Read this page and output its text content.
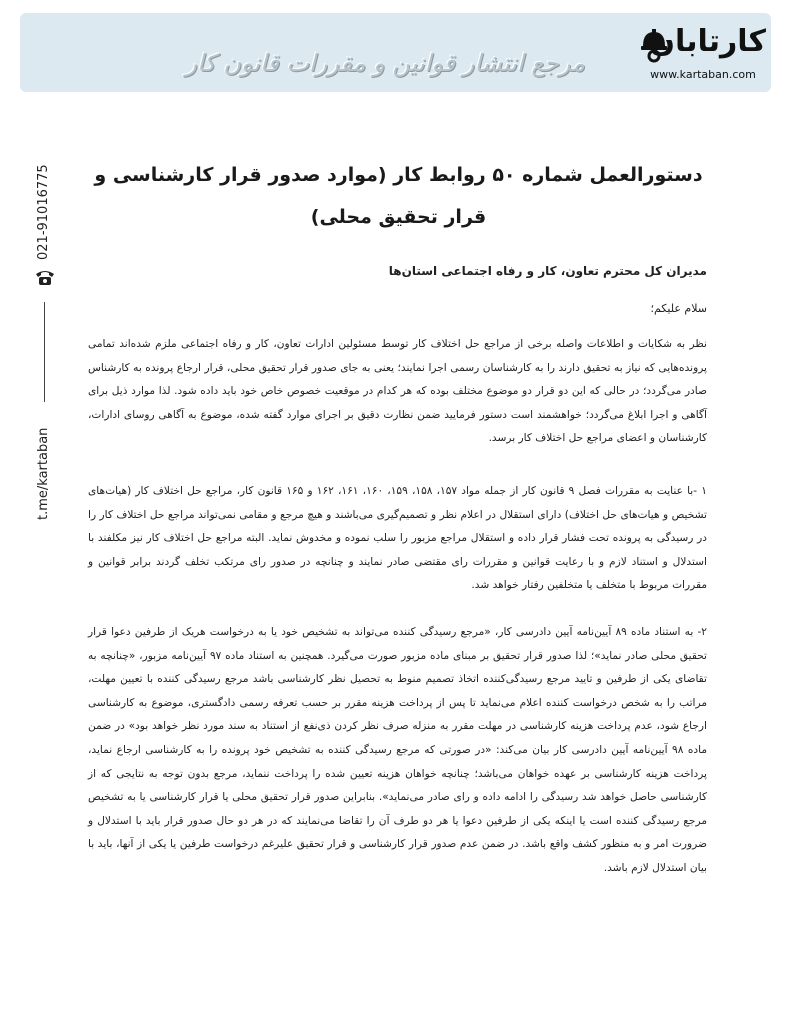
مرجع انتشار قوانین و مقررات قانون کار
کارتابان
www.kartaban.com
021-91016775
t.me/kartaban
دستورالعمل شماره ۵۰ روابط کار (موارد صدور قرار کارشناسی و قرار تحقیق محلی)
مدیران کل محترم تعاون، کار و رفاه اجتماعی استان‌ها
سلام علیکم؛
نظر به شکایات و اطلاعات واصله برخی از مراجع حل اختلاف کار توسط مسئولین ادارات تعاون، کار و رفاه اجتماعی ملزم شده‌اند تمامی پرونده‌هایی که نیاز به تحقیق دارند را به کارشناسان رسمی اجرا نمایند؛ یعنی به جای صدور قرار تحقیق محلی، قرار ارجاع پرونده به کارشناس صادر می‌گردد؛ در حالی که این دو قرار دو موضوع مختلف بوده که هر کدام در موقعیت خصوص خاص خود باید داده شود. لذا موارد ذیل برای آگاهی و اجرا ابلاغ می‌گردد؛ خواهشمند است دستور فرمایید ضمن نظارت دقیق بر اجرای موارد گفته شده، موضوع به آگاهی روسای ادارات، کارشناسان و اعضای مراجع حل اختلاف کار برسد.
۱ -با عنایت به مقررات فصل ۹ قانون کار از جمله مواد ۱۵۷، ۱۵۸، ۱۵۹، ۱۶۰، ۱۶۱، ۱۶۲ و ۱۶۵ قانون کار، مراجع حل اختلاف کار (هیات‌های تشخیص و هیات‌های حل اختلاف) دارای استقلال در اعلام نظر و تصمیم‌گیری می‌باشند و هیچ مرجع و مقامی نمی‌تواند مراجع حل اختلاف کار را در رسیدگی به پرونده تحت فشار قرار داده و استقلال مراجع مزبور را سلب نموده و مخدوش نماید. البته مراجع حل اختلاف کار نیز مکلفند با استدلال و استناد لازم و با رعایت قوانین و مقررات رای مقتضی صادر نمایند و چنانچه در صدور رای مرتکب تخلف گردند برابر قوانین و مقررات مربوط با متخلف یا متخلفین رفتار خواهد شد.
۲- به استناد ماده ۸۹ آیین‌نامه آیین دادرسی کار، «مرجع رسیدگی کننده می‌تواند به تشخیص خود یا به درخواست هریک از طرفین دعوا قرار تحقیق محلی صادر نماید»؛ لذا صدور قرار تحقیق بر مبنای ماده مزبور صورت می‌گیرد. همچنین به استناد ماده ۹۷ آیین‌نامه مزبور، «چنانچه به تقاضای یکی از طرفین و تایید مرجع رسیدگی‌کننده اتخاذ تصمیم منوط به تحصیل نظر کارشناسی باشد مرجع رسیدگی کننده با تعیین مهلت، مراتب را به شخص درخواست کننده اعلام می‌نماید تا پس از پرداخت هزینه مقرر بر حسب تعرفه رسمی دادگستری، موضوع به کارشناسی ارجاع شود، عدم پرداخت هزینه کارشناسی در مهلت مقرر به منزله صرف نظر کردن ذی‌نفع از استناد به سند مورد نظر خواهد بود» در ضمن ماده ۹۸ آیین‌نامه آیین دادرسی کار بیان می‌کند: «در صورتی که مرجع رسیدگی کننده به تشخیص خود پرونده را به کارشناسی ارجاع نماید، پرداخت هزینه کارشناسی بر عهده خواهان می‌باشد؛ چنانچه خواهان هزینه تعیین شده را پرداخت ننماید، مرجع بدون توجه به نتایجی که از کارشناسی حاصل خواهد شد رسیدگی را ادامه داده و رای صادر می‌نماید». بنابراین صدور قرار تحقیق محلی یا قرار کارشناسی یا به تشخیص مرجع رسیدگی کننده است یا اینکه یکی از طرفین دعوا یا هر دو طرف آن را تقاضا می‌نمایند که در هر دو حال صدور قرار باید با استدلال و ضرورت امر و به منظور کشف واقع باشد. در ضمن عدم صدور قرار کارشناسی و قرار تحقیق علیرغم درخواست طرفین یا یکی از آنها، باید با بیان استدلال لازم باشد.
